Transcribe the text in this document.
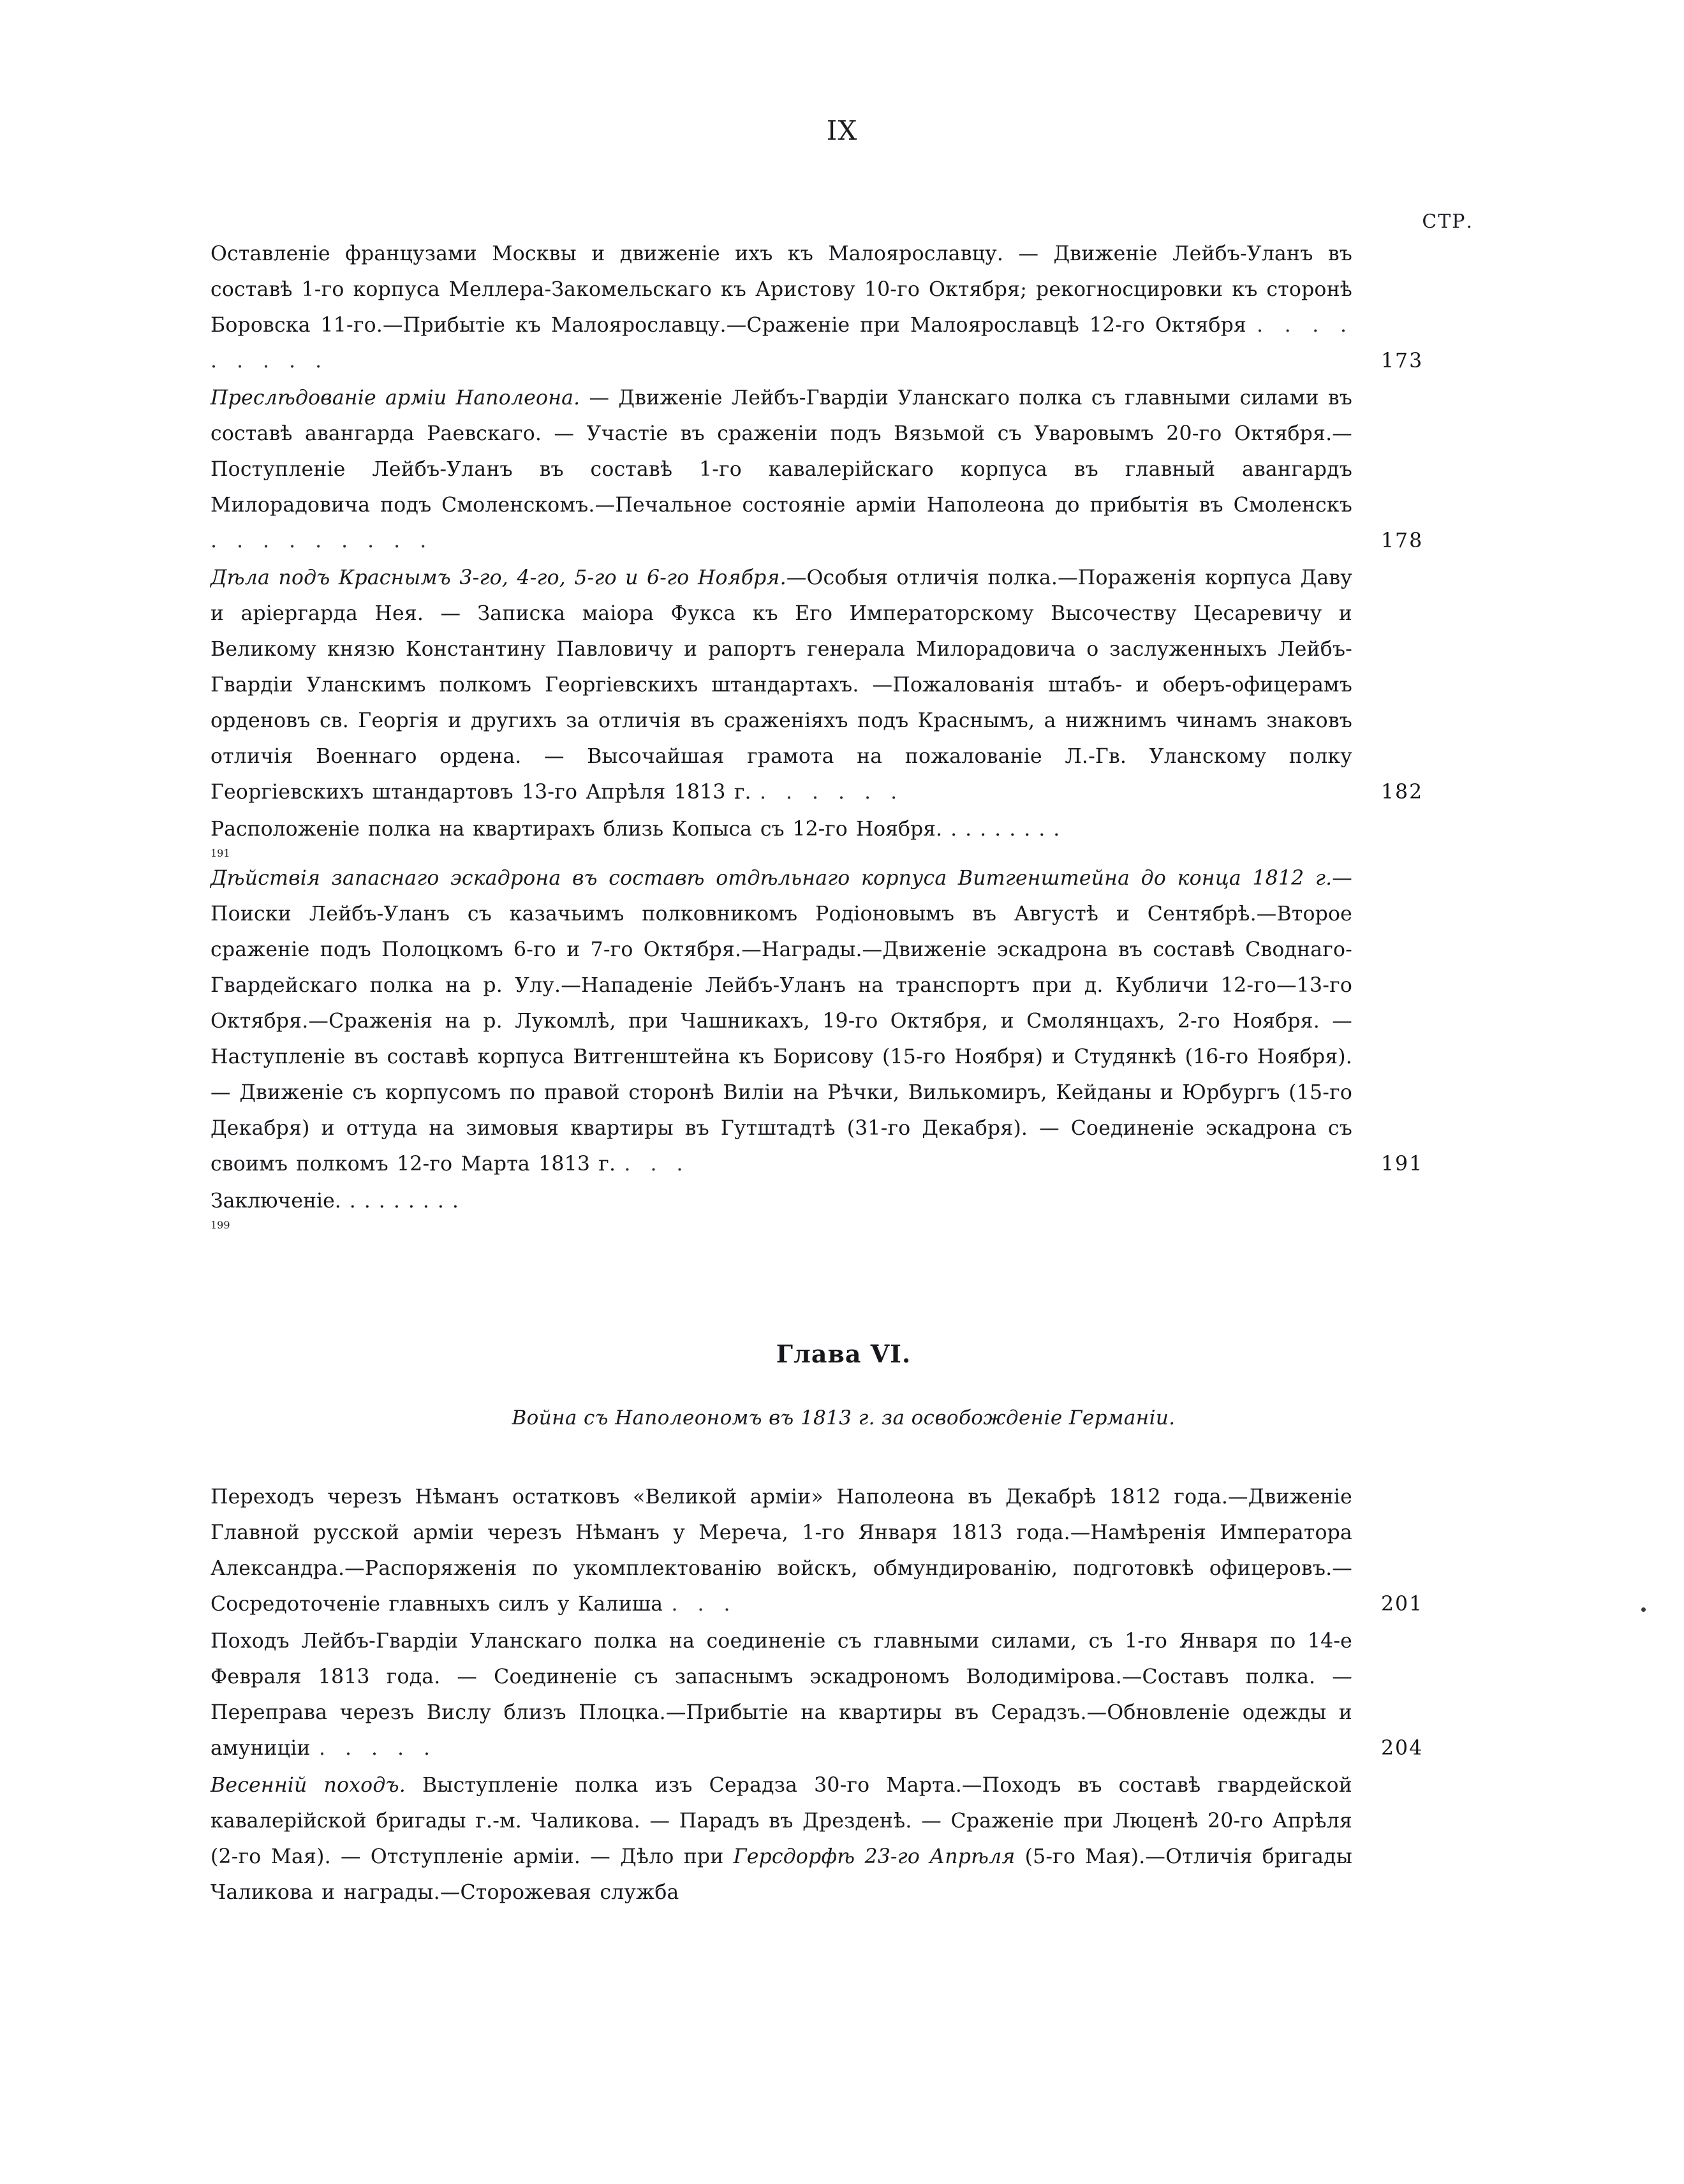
IX
СТР.
Оставленіе французами Москвы и движеніе ихъ къ Малоярославцу. — Движеніе Лейбъ-Уланъ въ составѣ 1-го корпуса Меллера-Закомельскаго къ Аристову 10-го Октября; рекогносцировки къ сторонѣ Боровска 11-го.—Прибытіе къ Малоярославцу.—Сраженіе при Малоярославцѣ 12-го Октября . . . . . . . . .	173
Преслѣдованіе арміи Наполеона. — Движеніе Лейбъ-Гвардіи Уланскаго полка съ главными силами въ составѣ авангарда Раевскаго. — Участіе въ сраженіи подъ Вязьмой съ Уваровымъ 20-го Октября.—Поступленіе Лейбъ-Уланъ въ составѣ 1-го кавалерійскаго корпуса въ главный авангардъ Милорадовича подъ Смоленскомъ.—Печальное состояніе арміи Наполеона до прибытія въ Смоленскъ . . . . . . . . .	178
Дѣла подъ Краснымъ 3-го, 4-го, 5-го и 6-го Ноября.—Особыя отличія полка.—Пораженія корпуса Даву и аріергарда Нея. — Записка маіора Фукса къ Его Императорскому Высочеству Цесаревичу и Великому князю Константину Павловичу и рапортъ генерала Милорадовича о заслуженныхъ Лейбъ-Гвардіи Уланскимъ полкомъ Георгіевскихъ штандартахъ. —Пожалованія штабъ- и оберъ-офицерамъ орденовъ св. Георгія и другихъ за отличія въ сраженіяхъ подъ Краснымъ, а нижнимъ чинамъ знаковъ отличія Военнаго ордена. — Высочайшая грамота на пожалованіе Л.-Гв. Уланскому полку Георгіевскихъ штандартовъ 13-го Апрѣля 1813 г. . . . . . .	182
Расположеніе полка на квартирахъ близь Копыса съ 12-го Ноября. . . . . . . . .
191
Дѣйствія запаснаго эскадрона въ составѣ отдѣльнаго корпуса Витгенштейна до конца 1812 г.—Поиски Лейбъ-Уланъ съ казачьимъ полковникомъ Родіоновымъ въ Августѣ и Сентябрѣ.—Второе сраженіе подъ Полоцкомъ 6-го и 7-го Октября.—Награды.—Движеніе эскадрона въ составѣ Своднаго-Гвардейскаго полка на р. Улу.—Нападеніе Лейбъ-Уланъ на транспортъ при д. Кубличи 12-го—13-го Октября.—Сраженія на р. Лукомлѣ, при Чашникахъ, 19-го Октября, и Смолянцахъ, 2-го Ноября. — Наступленіе въ составѣ корпуса Витгенштейна къ Борисову (15-го Ноября) и Студянкѣ (16-го Ноября). — Движеніе съ корпусомъ по правой сторонѣ Вилiи на Рѣчки, Вилькомиръ, Кейданы и Юрбургъ (15-го Декабря) и оттуда на зимовыя квартиры въ Гутштадтѣ (31-го Декабря). — Соединеніе эскадрона съ своимъ полкомъ 12-го Марта 1813 г. . . .	191
Заключеніе. . . . . . . . .
199
Глава VI.
Война съ Наполеономъ въ 1813 г. за освобожденіе Германіи.
Переходъ черезъ Нѣманъ остатковъ «Великой арміи» Наполеона въ Декабрѣ 1812 года.—Движеніе Главной русской арміи черезъ Нѣманъ у Мереча, 1-го Января 1813 года.—Намѣренія Императора Александра.—Распоряженія по укомплектованію войскъ, обмундированію, подготовкѣ офицеровъ.—Сосредоточеніе главныхъ силъ у Калиша . . .	201
Походъ Лейбъ-Гвардіи Уланскаго полка на соединеніе съ главными силами, съ 1-го Января по 14-е Февраля 1813 года. — Соединеніе съ запаснымъ эскадрономъ Володимірова.—Составъ полка. — Переправа черезъ Вислу близъ Плоцка.—Прибытіе на квартиры въ Серадзъ.—Обновленіе одежды и амуниціи . . . . .	204
Весенній походъ. Выступленіе полка изъ Серадза 30-го Марта.—Походъ въ составѣ гвардейской кавалерійской бригады г.-м. Чаликова. — Парадъ въ Дрезденѣ. — Сраженіе при Люценѣ 20-го Апрѣля (2-го Мая). — Отступленіе арміи. — Дѣло при Герсдорфѣ 23-го Апрѣля (5-го Мая).—Отличія бригады Чаликова и награды.—Сторожевая служба
